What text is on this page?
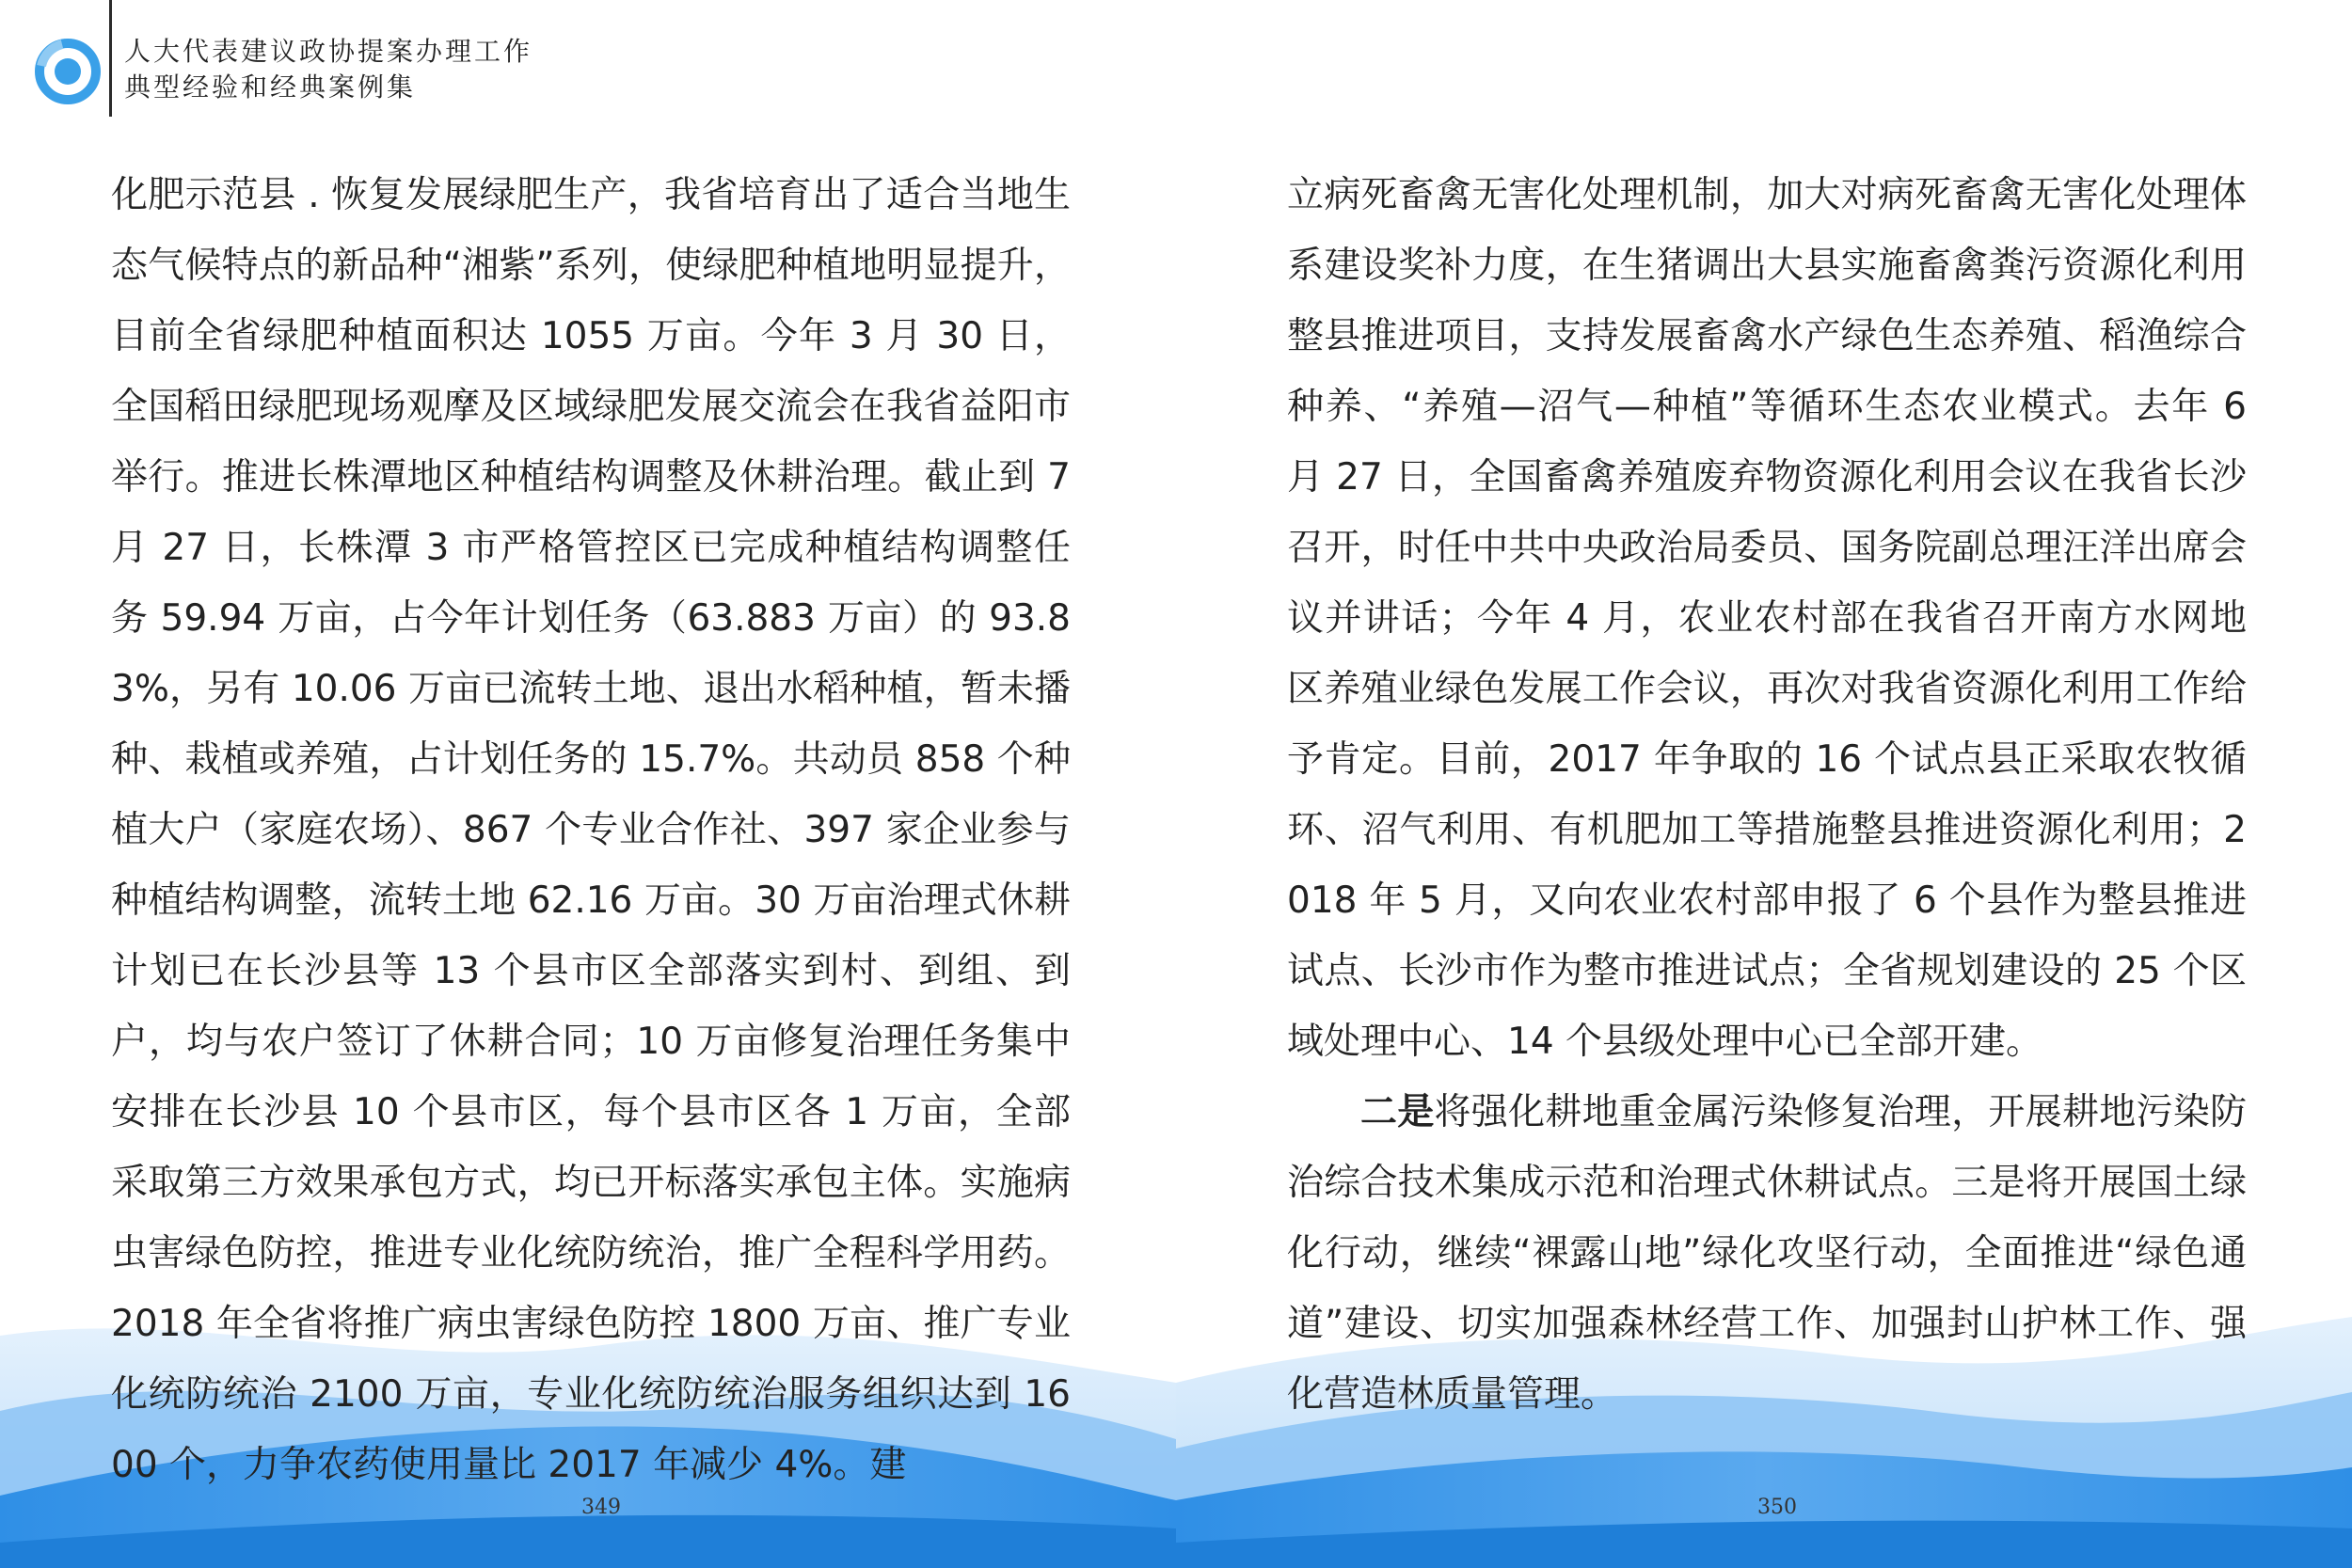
人大代表建议政协提案办理工作
典型经验和经典案例集

化肥示范县 . 恢复发展绿肥生产，我省培育出了适合当地生态气候特点的新品种“湘紫”系列，使绿肥种植地明显提升，目前全省绿肥种植面积达 1055 万亩。今年 3 月 30 日，全国稻田绿肥现场观摩及区域绿肥发展交流会在我省益阳市举行。推进长株潭地区种植结构调整及休耕治理。截止到 7 月 27 日，长株潭 3 市严格管控区已完成种植结构调整任务 59.94 万亩，占今年计划任务（63.883 万亩）的 93.83%，另有 10.06 万亩已流转土地、退出水稻种植，暂未播种、栽植或养殖，占计划任务的 15.7%。共动员 858 个种植大户（家庭农场）、867 个专业合作社、397 家企业参与种植结构调整，流转土地 62.16 万亩。30 万亩治理式休耕计划已在长沙县等 13 个县市区全部落实到村、到组、到户，均与农户签订了休耕合同；10 万亩修复治理任务集中安排在长沙县 10 个县市区，每个县市区各 1 万亩，全部采取第三方效果承包方式，均已开标落实承包主体。实施病虫害绿色防控，推进专业化统防统治，推广全程科学用药。2018 年全省将推广病虫害绿色防控 1800 万亩、推广专业化统防统治 2100 万亩，专业化统防统治服务组织达到 1600 个，力争农药使用量比 2017 年减少 4%。建

349

立病死畜禽无害化处理机制，加大对病死畜禽无害化处理体系建设奖补力度，在生猪调出大县实施畜禽粪污资源化利用整县推进项目，支持发展畜禽水产绿色生态养殖、稻渔综合种养、“养殖—沼气—种植”等循环生态农业模式。去年 6 月 27 日，全国畜禽养殖废弃物资源化利用会议在我省长沙召开，时任中共中央政治局委员、国务院副总理汪洋出席会议并讲话；今年 4 月，农业农村部在我省召开南方水网地区养殖业绿色发展工作会议，再次对我省资源化利用工作给予肯定。目前，2017 年争取的 16 个试点县正采取农牧循环、沼气利用、有机肥加工等措施整县推进资源化利用；2018 年 5 月，又向农业农村部申报了 6 个县作为整县推进试点、长沙市作为整市推进试点；全省规划建设的 25 个区域处理中心、14 个县级处理中心已全部开建。

二是将强化耕地重金属污染修复治理，开展耕地污染防治综合技术集成示范和治理式休耕试点。三是将开展国土绿化行动，继续“裸露山地”绿化攻坚行动，全面推进“绿色通道”建设、切实加强森林经营工作、加强封山护林工作、强化营造林质量管理。

350
